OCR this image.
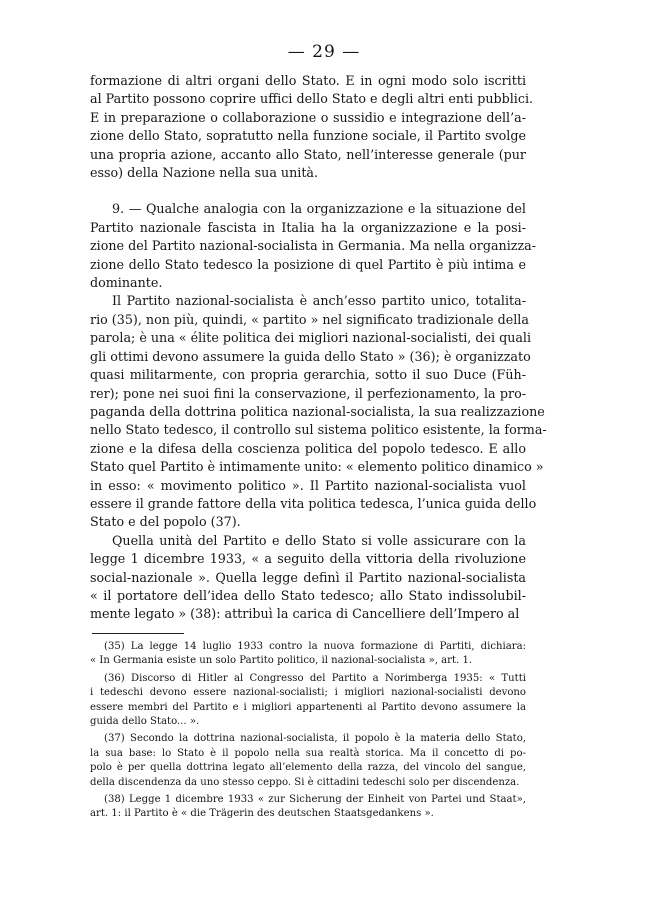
— 29 —

formazione di altri organi dello Stato. E in ogni modo solo iscritti

al Partito possono coprire uffici dello Stato e degli altri enti pubblici.

E in preparazione o collaborazione o sussidio e integrazione dell’a-

zione dello Stato, sopratutto nella funzione sociale, il Partito svolge

una propria azione, accanto allo Stato, nell’interesse generale (pur

esso) della Nazione nella sua unità.

9. — Qualche analogia con la organizzazione e la situazione del

Partito nazionale fascista in Italia ha la organizzazione e la posi-

zione del Partito nazional-socialista in Germania. Ma nella organizza-

zione dello Stato tedesco la posizione di quel Partito è più intima e

dominante.

Il Partito nazional-socialista è anch’esso partito unico, totalita-

rio (35), non più, quindi, « partito » nel significato tradizionale della

parola; è una « élite politica dei migliori nazional-socialisti, dei quali

gli ottimi devono assumere la guida dello Stato » (36); è organizzato

quasi militarmente, con propria gerarchia, sotto il suo Duce (Füh-

rer); pone nei suoi fini la conservazione, il perfezionamento, la pro-

paganda della dottrina politica nazional-socialista, la sua realizzazione

nello Stato tedesco, il controllo sul sistema politico esistente, la forma-

zione e la difesa della coscienza politica del popolo tedesco. E allo

Stato quel Partito è intimamente unito: « elemento politico dinamico »

in esso: « movimento politico ». Il Partito nazional-socialista vuol

essere il grande fattore della vita politica tedesca, l’unica guida dello

Stato e del popolo (37).

Quella unità del Partito e dello Stato si volle assicurare con la

legge 1 dicembre 1933, « a seguito della vittoria della rivoluzione

social-nazionale ». Quella legge definì il Partito nazional-socialista

« il portatore dell’idea dello Stato tedesco; allo Stato indissolubil-

mente legato » (38): attribuì la carica di Cancelliere dell’Impero al

(35) La legge 14 luglio 1933 contro la nuova formazione di Partiti, dichiara:

« In Germania esiste un solo Partito politico, il nazional-socialista », art. 1.

(36) Discorso di Hitler al Congresso del Partito a Norimberga 1935: « Tutti

i tedeschi devono essere nazional-socialisti; i migliori nazional-socialisti devono

essere membri del Partito e i migliori appartenenti al Partito devono assumere la

guida dello Stato... ».

(37) Secondo la dottrina nazional-socialista, il popolo è la materia dello Stato,

la sua base: lo Stato è il popolo nella sua realtà storica. Ma il concetto di po-

polo è per quella dottrina legato all’elemento della razza, del vincolo del sangue,

della discendenza da uno stesso ceppo. Si è cittadini tedeschi solo per discendenza.

(38) Legge 1 dicembre 1933 « zur Sicherung der Einheit von Partei und Staat»,

art. 1: il Partito è « die Trägerin des deutschen Staatsgedankens ».
